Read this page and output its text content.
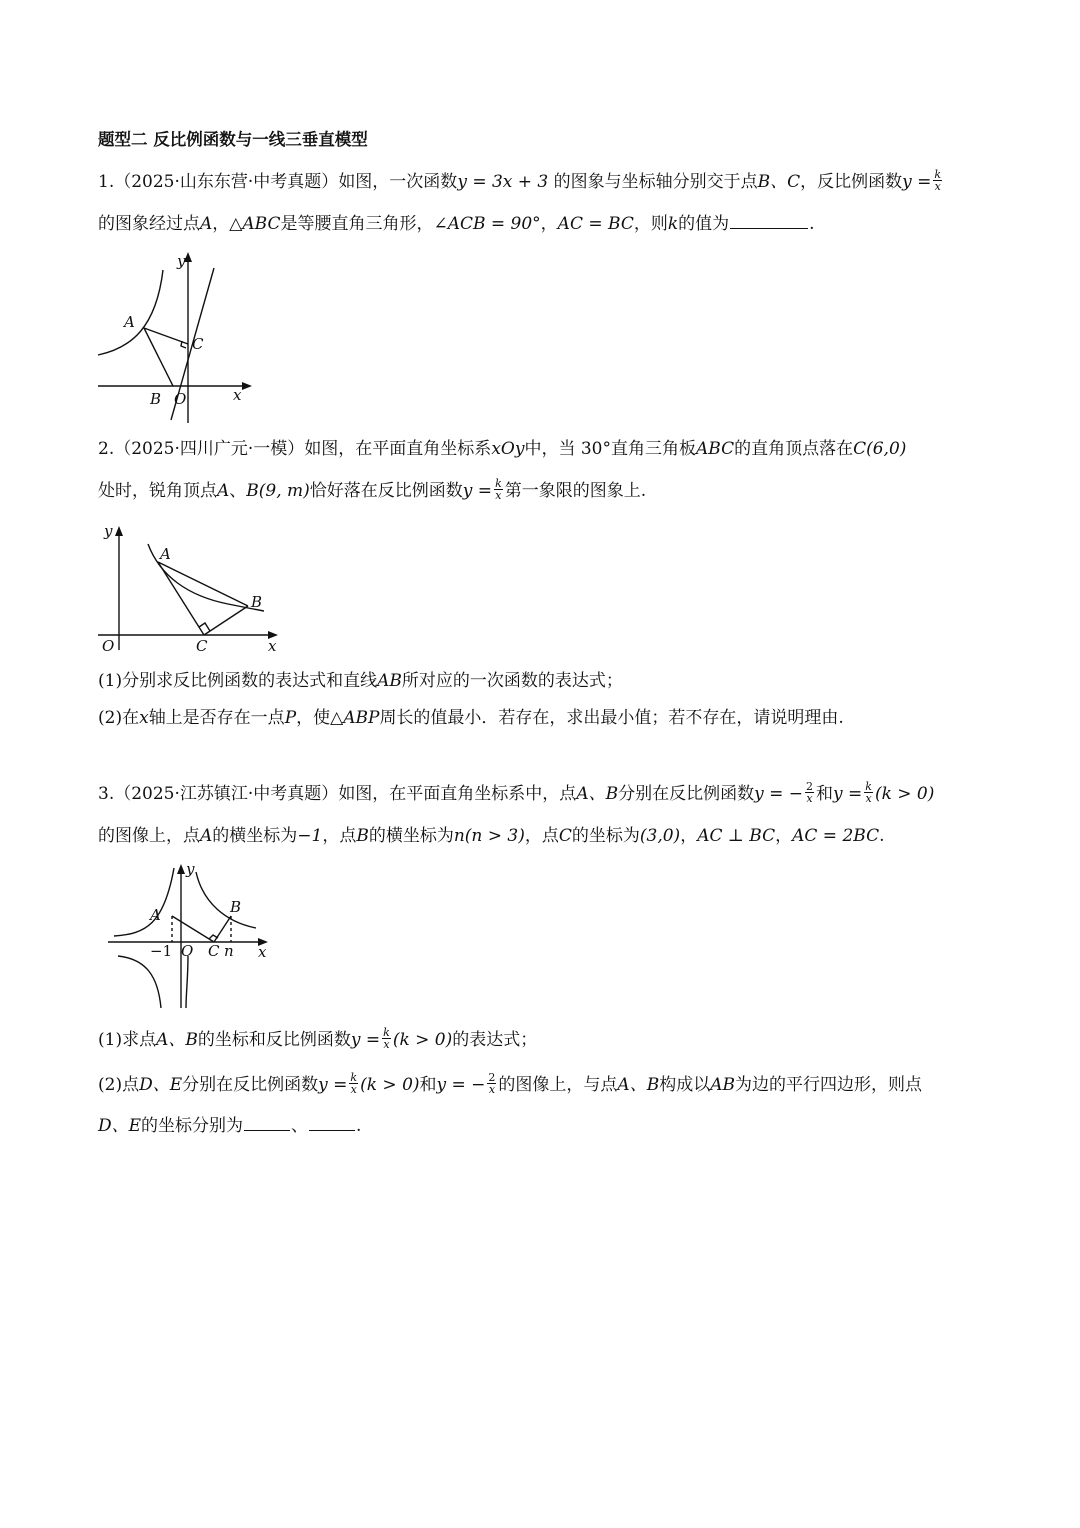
题型二 反比例函数与一线三垂直模型
1.（2025·山东东营·中考真题）如图，一次函数y = 3x + 3 的图象与坐标轴分别交于点B、C，反比例函数$y = \frac{k}{x}$
的图象经过点A，△ABC是等腰直角三角形，∠ACB = 90°，AC = BC，则k的值为	.
y
x
A
C
B O
2.（2025·四川广元·一模）如图，在平面直角坐标系xOy中，当 30°直角三角板ABC的直角顶点落在C(6,0)
处时，锐角顶点A、B(9, m)恰好落在反比例函数$y = \frac{k}{x}$ 第一象限的图象上.
y
x
A
B
C
O
(1)分别求反比例函数的表达式和直线AB所对应的一次函数的表达式；
(2)在x轴上是否存在一点P，使△ABP周长的值最小．若存在，求出最小值；若不存在，请说明理由.
3.（2025·江苏镇江·中考真题）如图，在平面直角坐标系中，点A、B分别在反比例函数y = − $\frac{2}{x}$ 和$y = \frac{k}{x} (k > 0)$
的图像上，点A的横坐标为−1，点B的横坐标为n(n > 3)，点C的坐标为(3,0)，AC ⊥ BC，AC = 2BC.
y
x
A	B
C
O
−1	n
(1)求点A、B的坐标和反比例函数$y = \frac{k}{x} (k > 0)$的表达式；
(2)点D、E分别在反比例函数$y = \frac{k}{x} (k > 0)$和y = − $\frac{2}{x}$ 的图像上，与点A、B构成以AB为边的平行四边形，则点
D、E的坐标分别为	、	.
